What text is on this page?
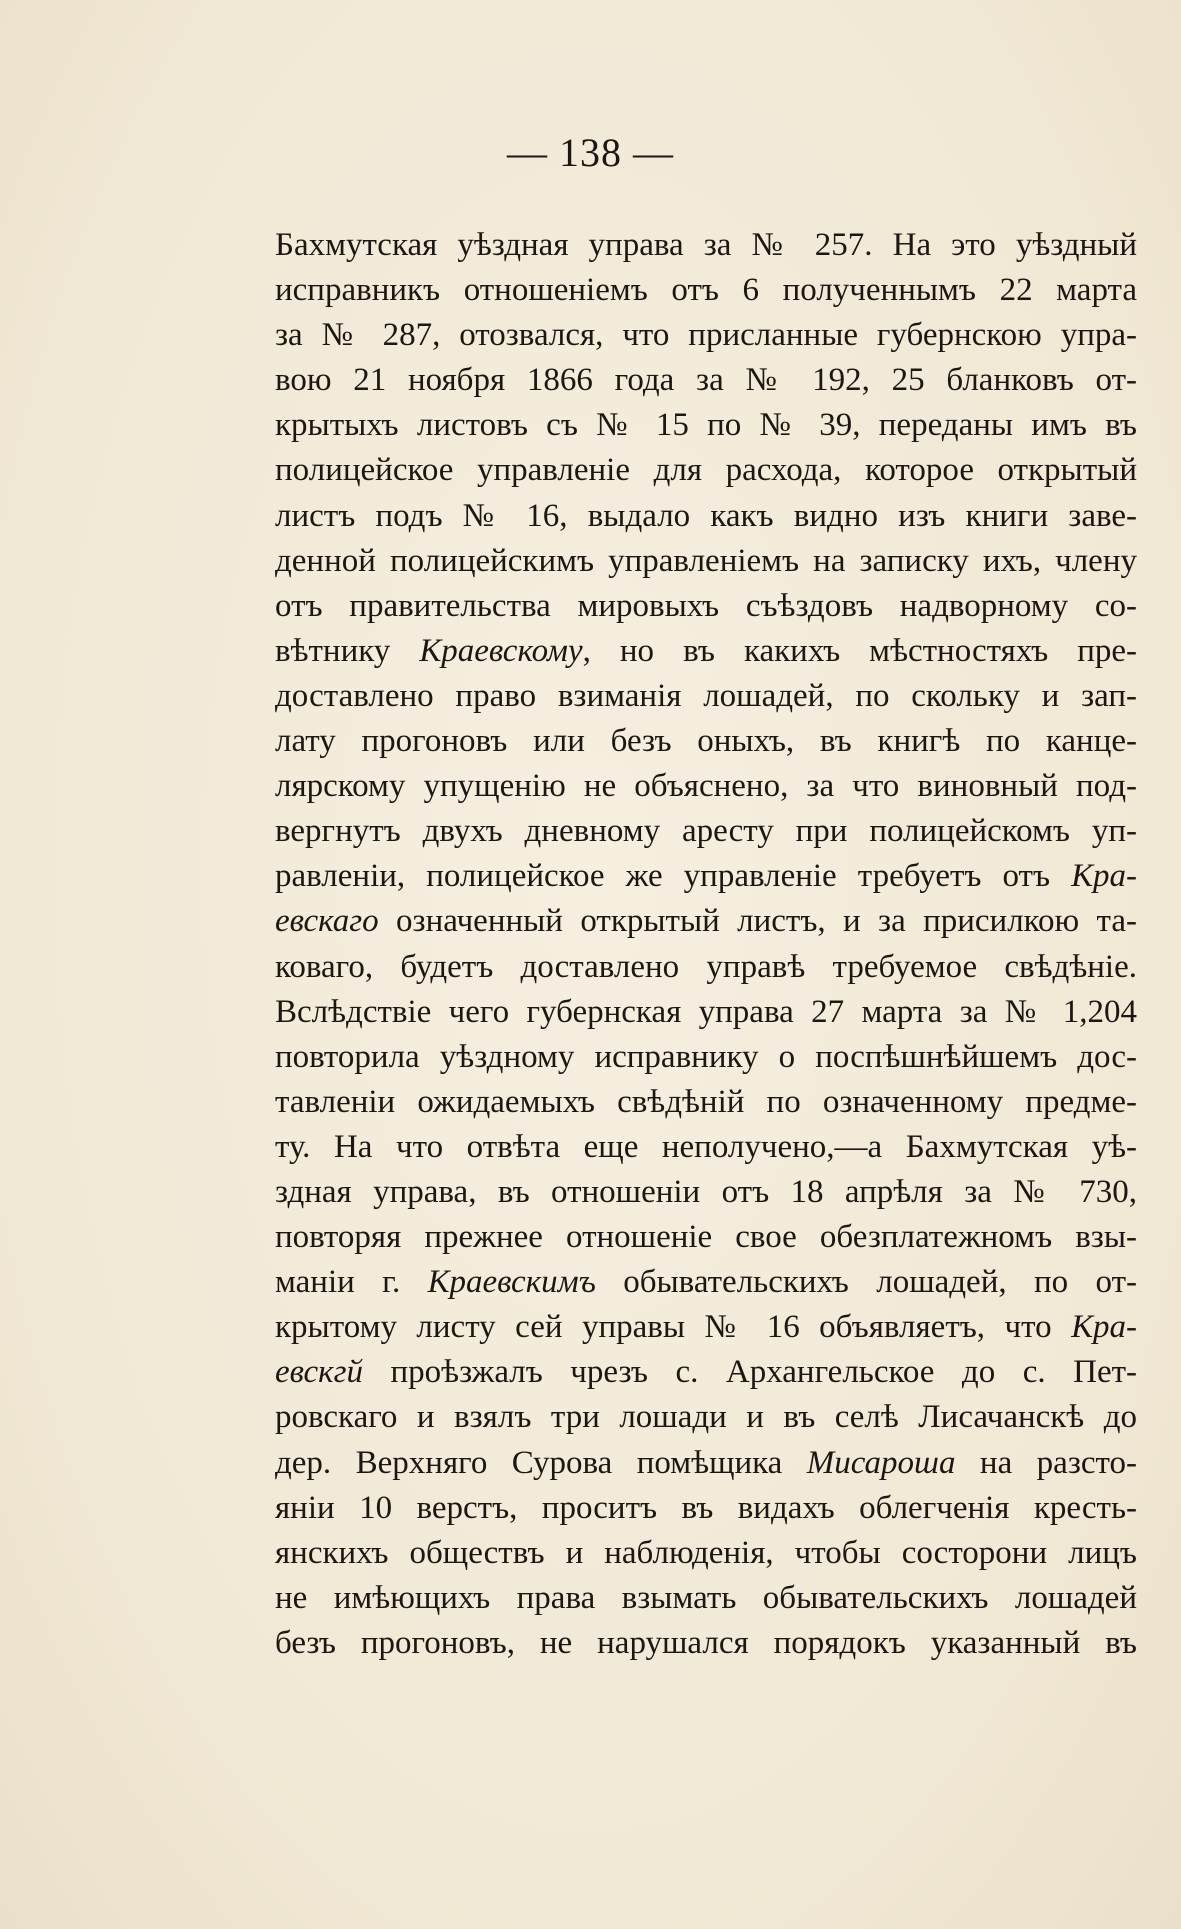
— 138 —
Бахмутская уѣздная управа за № 257. На это уѣздный
исправникъ отношеніемъ отъ 6 полученнымъ 22 марта
за № 287, отозвался, что присланные губернскою упра-
вою 21 ноября 1866 года за № 192, 25 бланковъ от-
крытыхъ листовъ съ № 15 по № 39, переданы имъ въ
полицейское управленіе для расхода, которое открытый
листъ подъ № 16, выдало какъ видно изъ книги заве-
денной полицейскимъ управленіемъ на записку ихъ, члену
отъ правительства мировыхъ съѣздовъ надворному со-
вѣтнику Краевскому, но въ какихъ мѣстностяхъ пре-
доставлено право взиманія лошадей, по скольку и зап-
лату прогоновъ или безъ оныхъ, въ книгѣ по канце-
лярскому упущенію не объяснено, за что виновный под-
вергнутъ двухъ дневному аресту при полицейскомъ уп-
равленіи, полицейское же управленіе требуетъ отъ Кра-
евскаго означенный открытый листъ, и за присилкою та-
коваго, будетъ доставлено управѣ требуемое свѣдѣніе.
Вслѣдствіе чего губернская управа 27 марта за № 1,204
повторила уѣздному исправнику о поспѣшнѣйшемъ дос-
тавленіи ожидаемыхъ свѣдѣній по означенному предме-
ту. На что отвѣта еще неполучено,—а Бахмутская уѣ-
здная управа, въ отношеніи отъ 18 апрѣля за № 730,
повторяя прежнее отношеніе свое обезплатежномъ взы-
маніи г. Краевскимъ обывательскихъ лошадей, по от-
крытому листу сей управы № 16 объявляетъ, что Кра-
евскгй проѣзжалъ чрезъ с. Архангельское до с. Пет-
ровскаго и взялъ три лошади и въ селѣ Лисачанскѣ до
дер. Верхняго Сурова помѣщика Мисароша на разсто-
яніи 10 верстъ, проситъ въ видахъ облегченія кресть-
янскихъ обществъ и наблюденія, чтобы состорони лицъ
не имѣющихъ права взымать обывательскихъ лошадей
безъ прогоновъ, не нарушался порядокъ указанный въ
